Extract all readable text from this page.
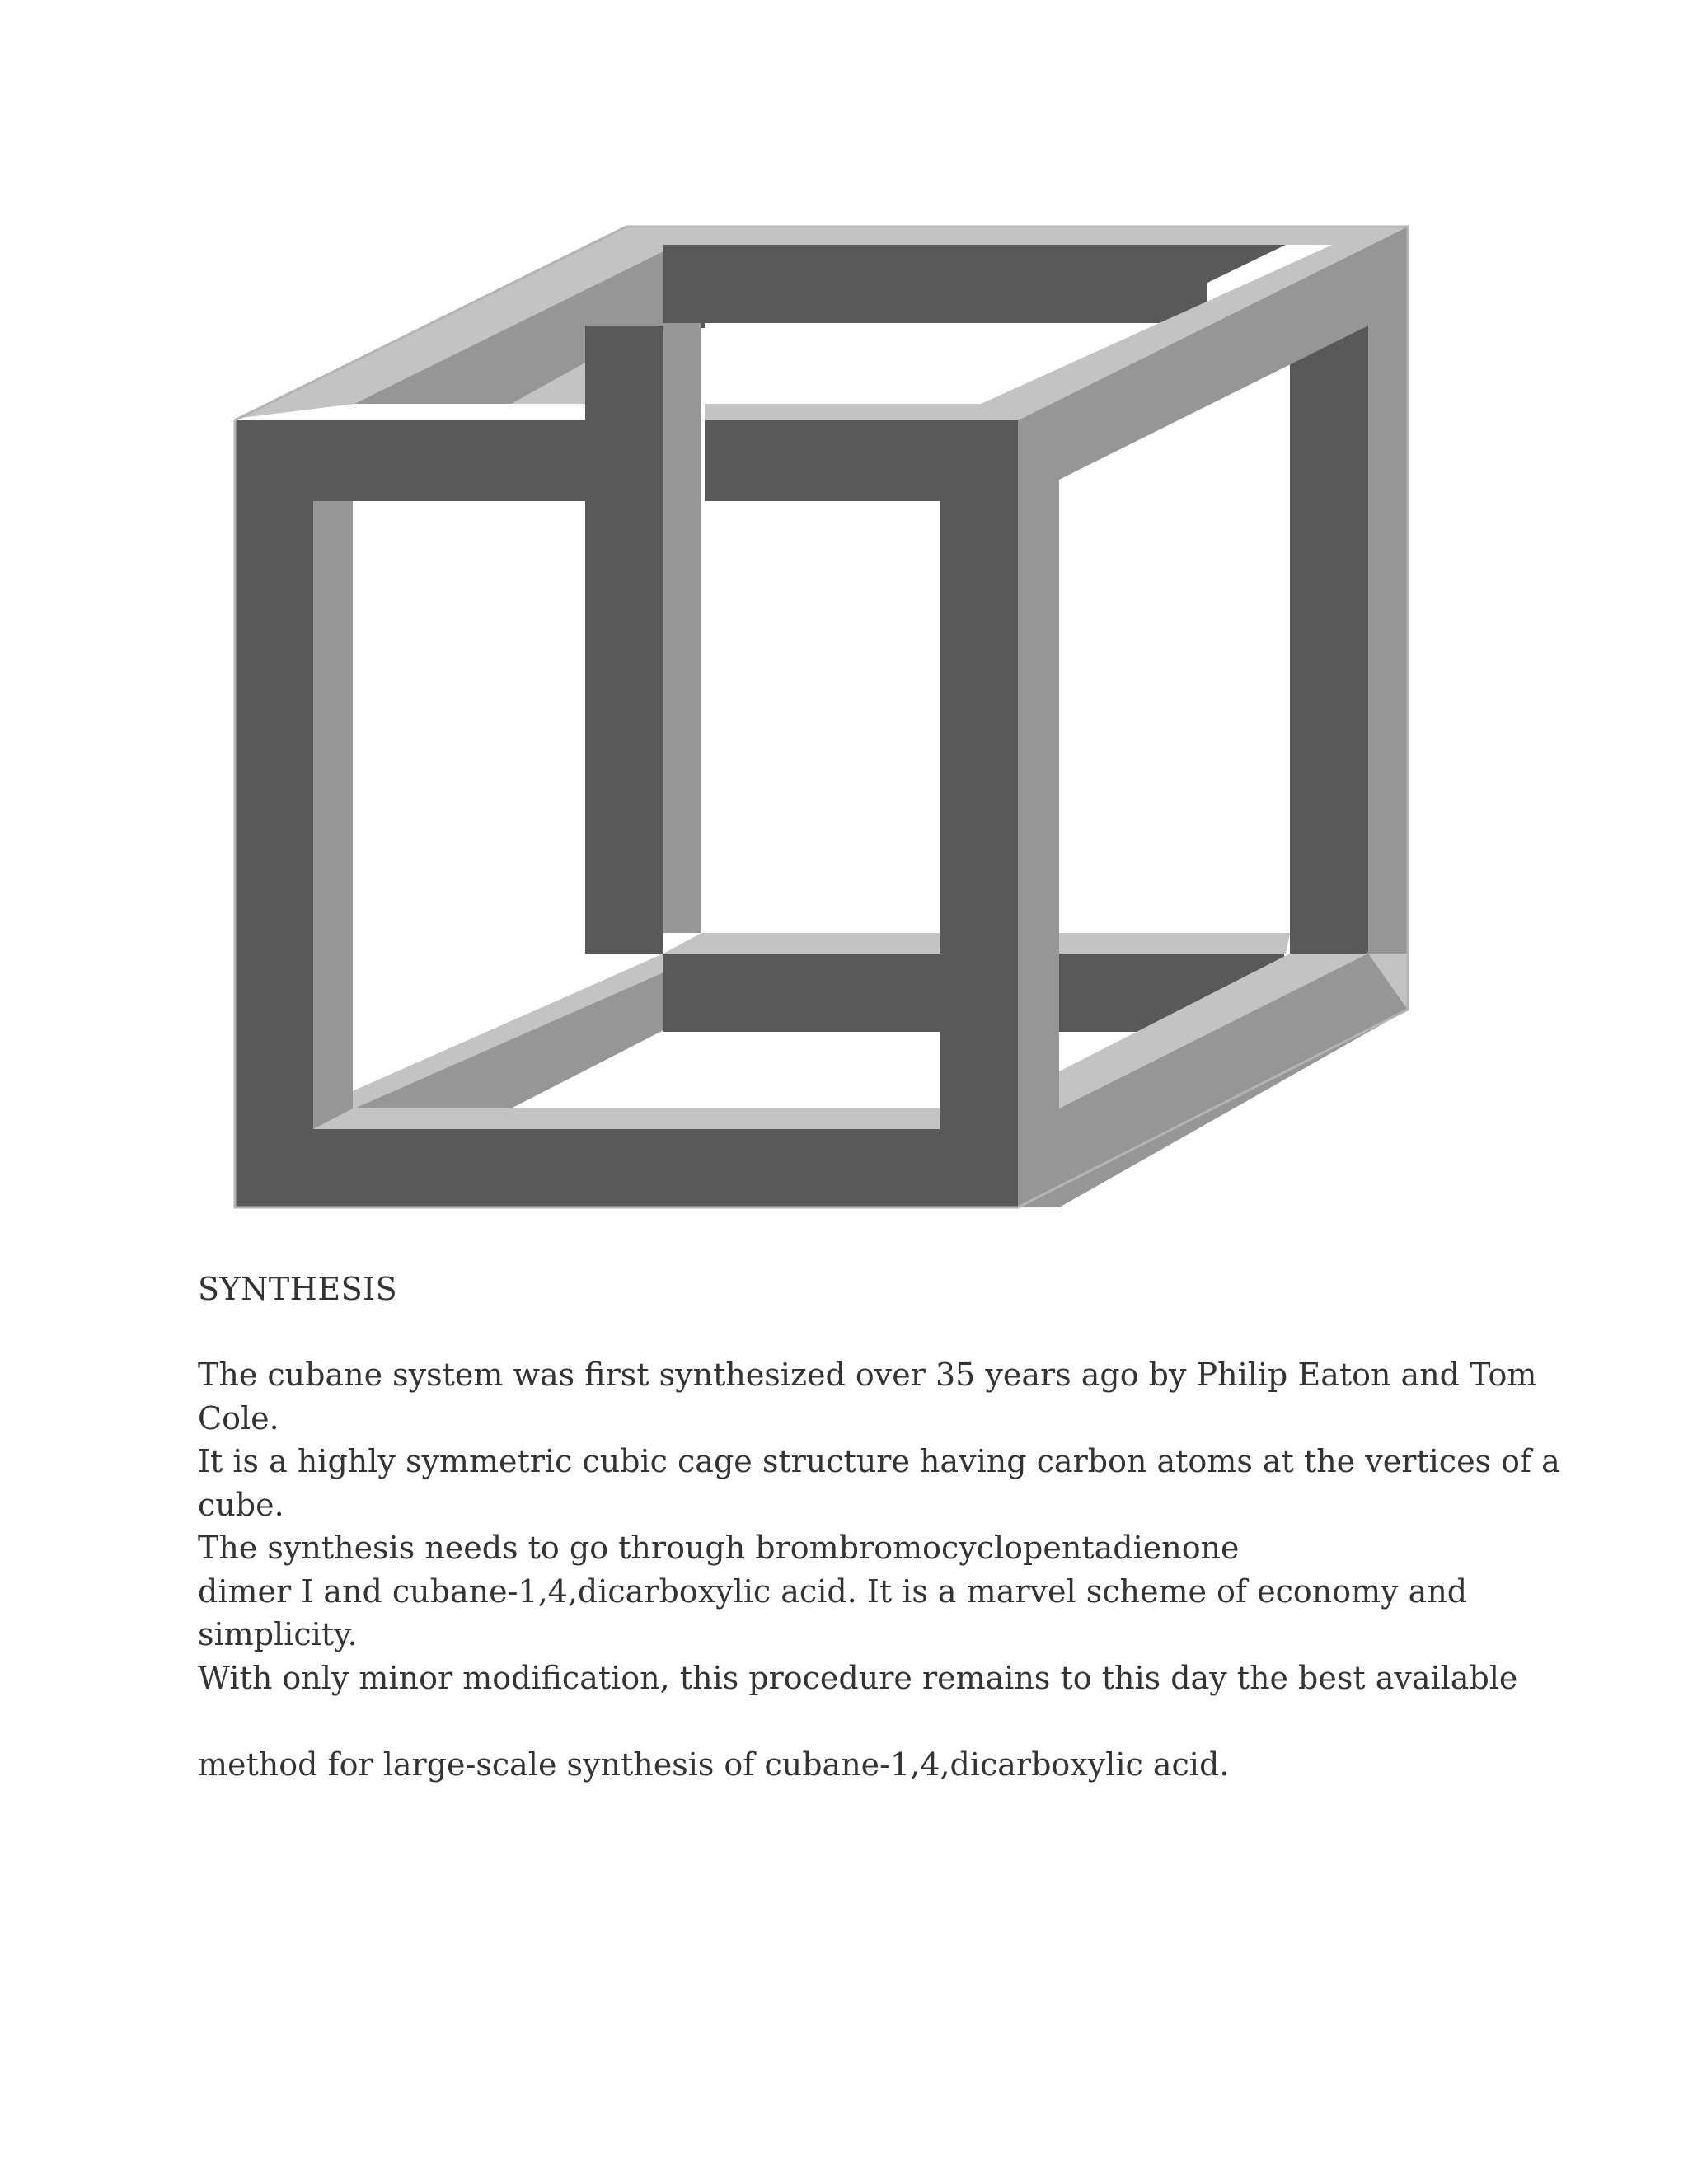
SYNTHESIS
The cubane system was first synthesized over 35 years ago by Philip Eaton and Tom
Cole.
It is a highly symmetric cubic cage structure having carbon atoms at the vertices of a
cube.
The synthesis needs to go through brombromocyclopentadienone
dimer I and cubane-1,4,dicarboxylic acid. It is a marvel scheme of economy and
simplicity.
With only minor modification, this procedure remains to this day the best available
method for large-scale synthesis of cubane-1,4,dicarboxylic acid.
